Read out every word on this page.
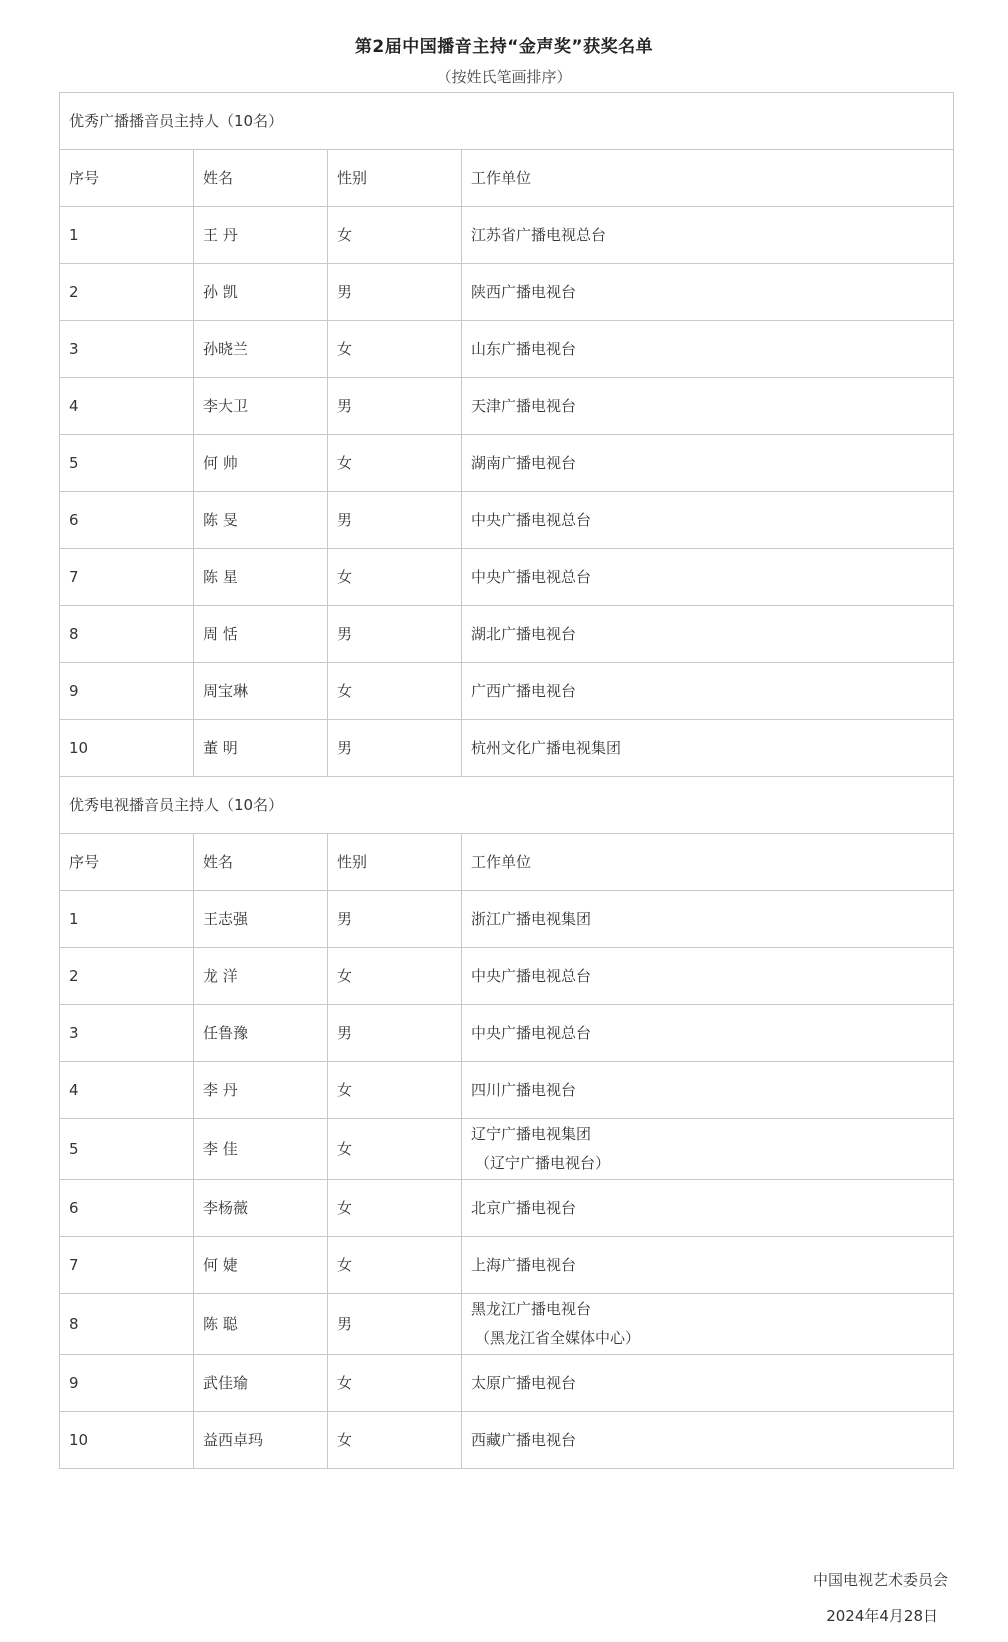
第2届中国播音主持“金声奖”获奖名单
（按姓氏笔画排序）
优秀广播播音员主持人（10名）			
序号	姓名	性别	工作单位
1	王 丹	女	江苏省广播电视总台

2	孙 凯	男	陕西广播电视台

3	孙晓兰	女	山东广播电视台

4	李大卫	男	天津广播电视台

5	何 帅	女	湖南广播电视台

6	陈 旻	男	中央广播电视总台

7	陈 星	女	中央广播电视总台

8	周 恬	男	湖北广播电视台

9	周宝琳	女	广西广播电视台

10	董 明	男	杭州文化广播电视集团

优秀电视播音员主持人（10名）			
序号	姓名	性别	工作单位
1	王志强	男	浙江广播电视集团

2	龙 洋	女	中央广播电视总台

3	任鲁豫	男	中央广播电视总台

4	李 丹	女	四川广播电视台

5	李 佳	女	辽宁广播电视集团
（辽宁广播电视台）

6	李杨薇	女	北京广播电视台

7	何 婕	女	上海广播电视台

8	陈 聪	男	黑龙江广播电视台
（黑龙江省全媒体中心）

9	武佳瑜	女	太原广播电视台

10	益西卓玛	女	西藏广播电视台
中国电视艺术委员会
2024年4月28日
